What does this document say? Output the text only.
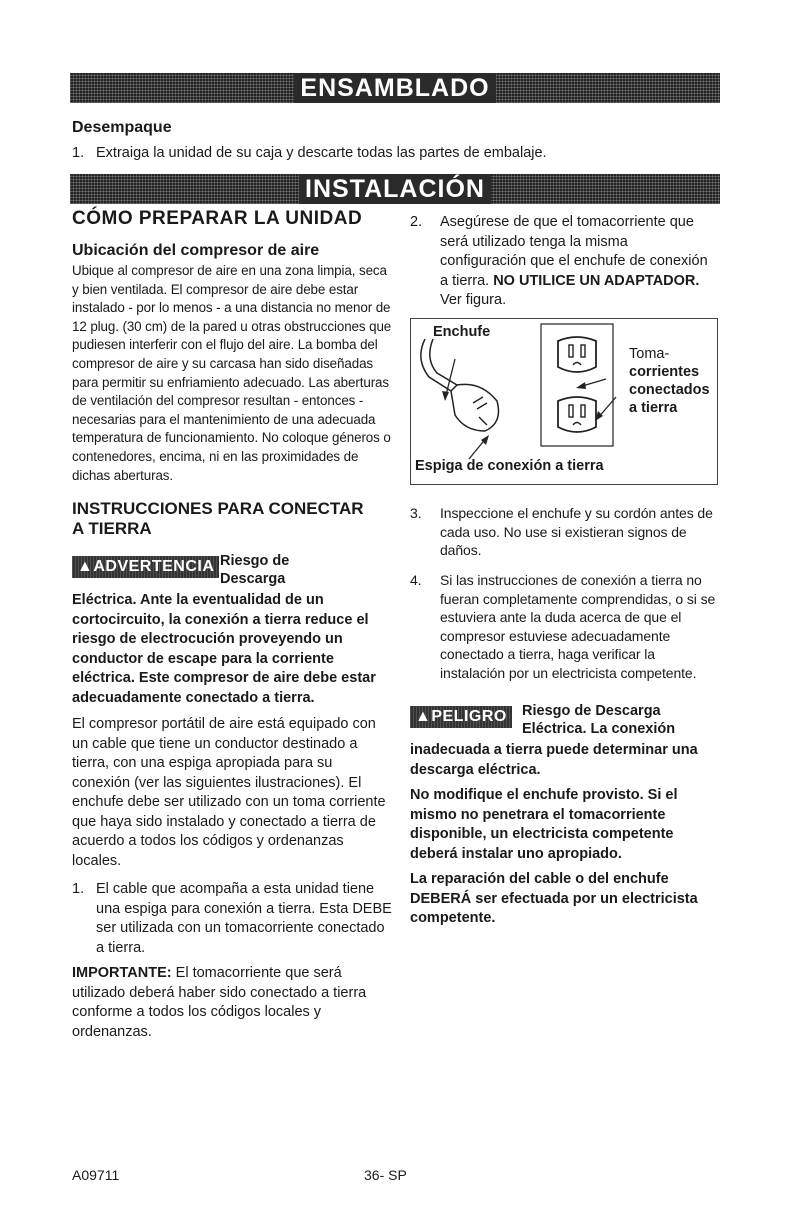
ENSAMBLADO
Desempaque
1. Extraiga la unidad de su caja y descarte todas las partes de embalaje.
INSTALACIÓN
CÓMO PREPARAR LA UNIDAD
Ubicación del compresor de aire
Ubique al compresor de aire en una zona limpia, seca y bien ventilada. El compresor de aire debe estar instalado - por lo menos - a una distancia no menor de 12 plug. (30 cm) de la pared u otras obstrucciones que pudiesen interferir con el flujo del aire. La bomba del compresor de aire y su carcasa han sido diseñadas para permitir su enfriamiento adecuado. Las aberturas de ventilación del compresor resultan - entonces - necesarias para el mantenimiento de una adecuada temperatura de funcionamiento. No coloque géneros o contenedores, encima, ni en las proximidades de dichas aberturas.
INSTRUCCIONES PARA CONECTAR
A TIERRA
▲ADVERTENCIA Riesgo de
Descarga
Eléctrica. Ante la eventualidad de un cortocircuito, la conexión a tierra reduce el riesgo de electrocución proveyendo un conductor de escape para la corriente eléctrica. Este compresor de aire debe estar adecuadamente conectado a tierra.
El compresor portátil de aire está equipado con un cable que tiene un conductor destinado a tierra, con una espiga apropiada para su conexión (ver las siguientes ilustraciones). El enchufe debe ser utilizado con un toma corriente que haya sido instalado y conectado a tierra de acuerdo a todos los códigos y ordenanzas locales.
1. El cable que acompaña a esta unidad tiene una espiga para conexión a tierra. Esta DEBE ser utilizada con un tomacorriente conectado a tierra.
IMPORTANTE: El tomacorriente que será utilizado deberá haber sido conectado a tierra conforme a todos los códigos locales y ordenanzas.
2.	Asegúrese de que el tomacorriente que será utilizado tenga la misma configuración que el enchufe de conexión a tierra. NO UTILICE UN ADAPTADOR. Ver figura.
Enchufe
Toma-
corrientes
conectados
a tierra
Espiga de conexión a tierra
3.	Inspeccione el enchufe y su cordón antes de cada uso. No use si existieran signos de daños.
4.	Si las instrucciones de conexión a tierra no fueran completamente comprendidas, o si se estuviera ante la duda acerca de que el compresor estuviese adecuadamente conectado a tierra, haga verificar la instalación por un electricista competente.
▲PELIGRO	Riesgo de Descarga
Eléctrica. La conexión
inadecuada a tierra puede determinar una descarga eléctrica.
No modifique el enchufe provisto. Si el mismo no penetrara el tomacorriente disponible, un electricista competente deberá instalar uno apropiado.
La reparación del cable o del enchufe DEBERÁ ser efectuada por un electricista competente.
A09711	36- SP
